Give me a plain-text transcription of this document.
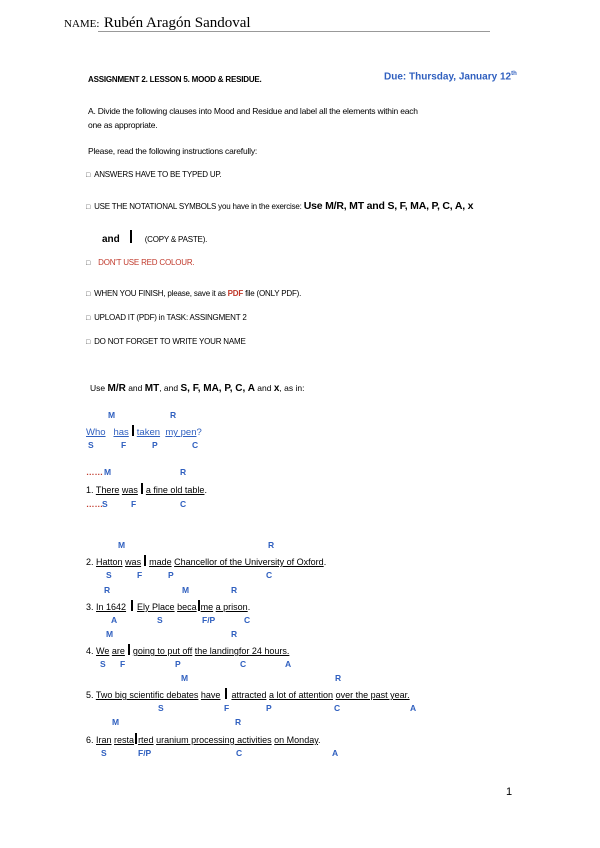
NAME: Rubén Aragón Sandoval
ASSIGNMENT 2. LESSON 5. MOOD & RESIDUE.	Due: Thursday, January 12th
A. Divide the following clauses into Mood and Residue and label all the elements within each
one as appropriate.
Please, read the following instructions carefully:
□ ANSWERS HAVE TO BE TYPED UP.
□ USE THE NOTATIONAL SYMBOLS you have in the exercise: Use M/R, MT and S, F, MA, P, C, A, x
and	(COPY & PASTE).
□ DON'T USE RED COLOUR.
□ WHEN YOU FINISH, please, save it as PDF file (ONLY PDF).
□ UPLOAD IT (PDF) in TASK: ASSINGMENT 2
□ DO NOT FORGET TO WRITE YOUR NAME
Use M/R and MT, and S, F, MA, P, C, A and x, as in:
M	R
Who has taken my pen?
S	F	P	C
…… M	R
1. There was a fine old table.
…… S	F	C
M	R
2. Hatton was made Chancellor of the University of Oxford.
S	F	P	C
R	M	R
3. In 1642 Ely Place beca me a prison.
A	S	F/P	C
M	R
4. We are going to put off the landingfor 24 hours.
S F	P	C	A
M	R
5. Two big scientific debates have attracted a lot of attention over the past year.
S	F	P	C	A
M	R
6. Iran resta rted uranium processing activities on Monday.
S	F/P	C	A
1
